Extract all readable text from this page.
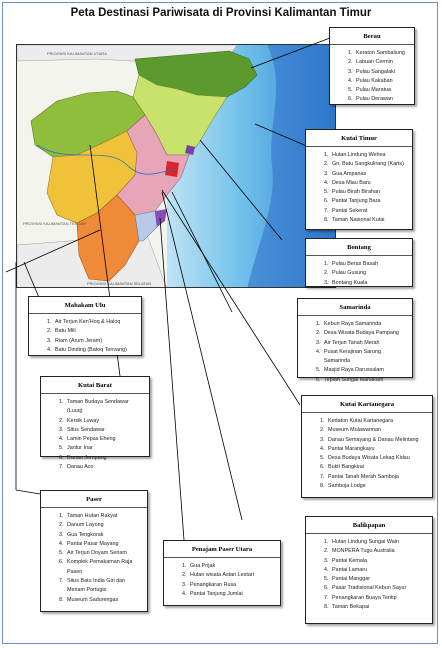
Peta Destinasi Pariwisata di Provinsi Kalimantan Timur
PROVINSI KALIMANTAN UTARA
PROVINSI KALIMANTAN TENGAH
PROVINSI KALIMANTAN SELATAN
Berau
1. Keraton Sambaliung
2. Labuan Cermin
3. Pulau Sangalaki
4. Pulau Kakaban
5. Pulau Maratua
6. Pulau Derawan
Kutai Timur
1. Hutan Lindung Wehea
2. Gn. Batu Sangkulirang (Karts)
3. Gua Ampanas
4. Desa Miau Baru
5. Pulau Birah Birahan
6. Pantai Tanjung Bara
7. Pantai Sekerat
8. Taman Nasional Kutai
Bontang
1. Pulau Beras Basah
2. Pulau Gusung
3. Bontang Kuala
Samarinda
1. Kebun Raya Samarinda
2. Desa Wisata Budaya Pampang
3. Air Terjun Tanah Merah
4. Pusat Kerajinan Sarung Samarinda
5. Masjid Raya Darussalam
6. Tepian Sungai Mahakam
Kutai Kartanegara
1. Kedaton Kutai Kartanegara
2. Museum Mulawarman
3. Danau Semayang & Danau Melintang
4. Pantai Marangkayu
5. Desa Budaya Wisata Lekaq Kidau
6. Bukit Bangkirai
7. Pantai Tanah Merah Samboja
8. Samboja Lodge
Balikpapan
1. Hutan Lindung Sungai Wain
2. MONPERA Tugu Australia
3. Pantai Kemala
4. Pantai Lamaru
5. Pantai Manggar
6. Pasar Tradisional Kebun Sayur
7. Penangkaran Buaya Teritip
8. Taman Bekapai
Mahakam Ulu
1. Air Terjun Ken'Hoq & Haloq
2. Batu Mili
3. Riam (Arum Jeram)
4. Batu Dinding (Batoq Tenvang)
Kutai Barat
1. Taman Budaya Sendawar (Luuq)
2. Kersik Luway
3. Situs Sendawar
4. Lamin Pepas Eheng
5. Jantur Inar
6. Danau Jempang
7. Danau Aco
Paser
1. Taman Hutan Rakyat
2. Danum Layong
3. Gua Tengkorak
4. Pantai Pasar Mayang
5. Air Terjun Doyam Seriam
6. Komplek Pemakaman Raja Pasen
7. Situs Batu India Giri dan Meriam Portugis
8. Museum Sadurengas
Penajam Paser Utara
1. Gua Prijak
2. Hutan wisata Astari Lestari
3. Penangkaran Rusa
4. Pantai Tanjung Jumlai
